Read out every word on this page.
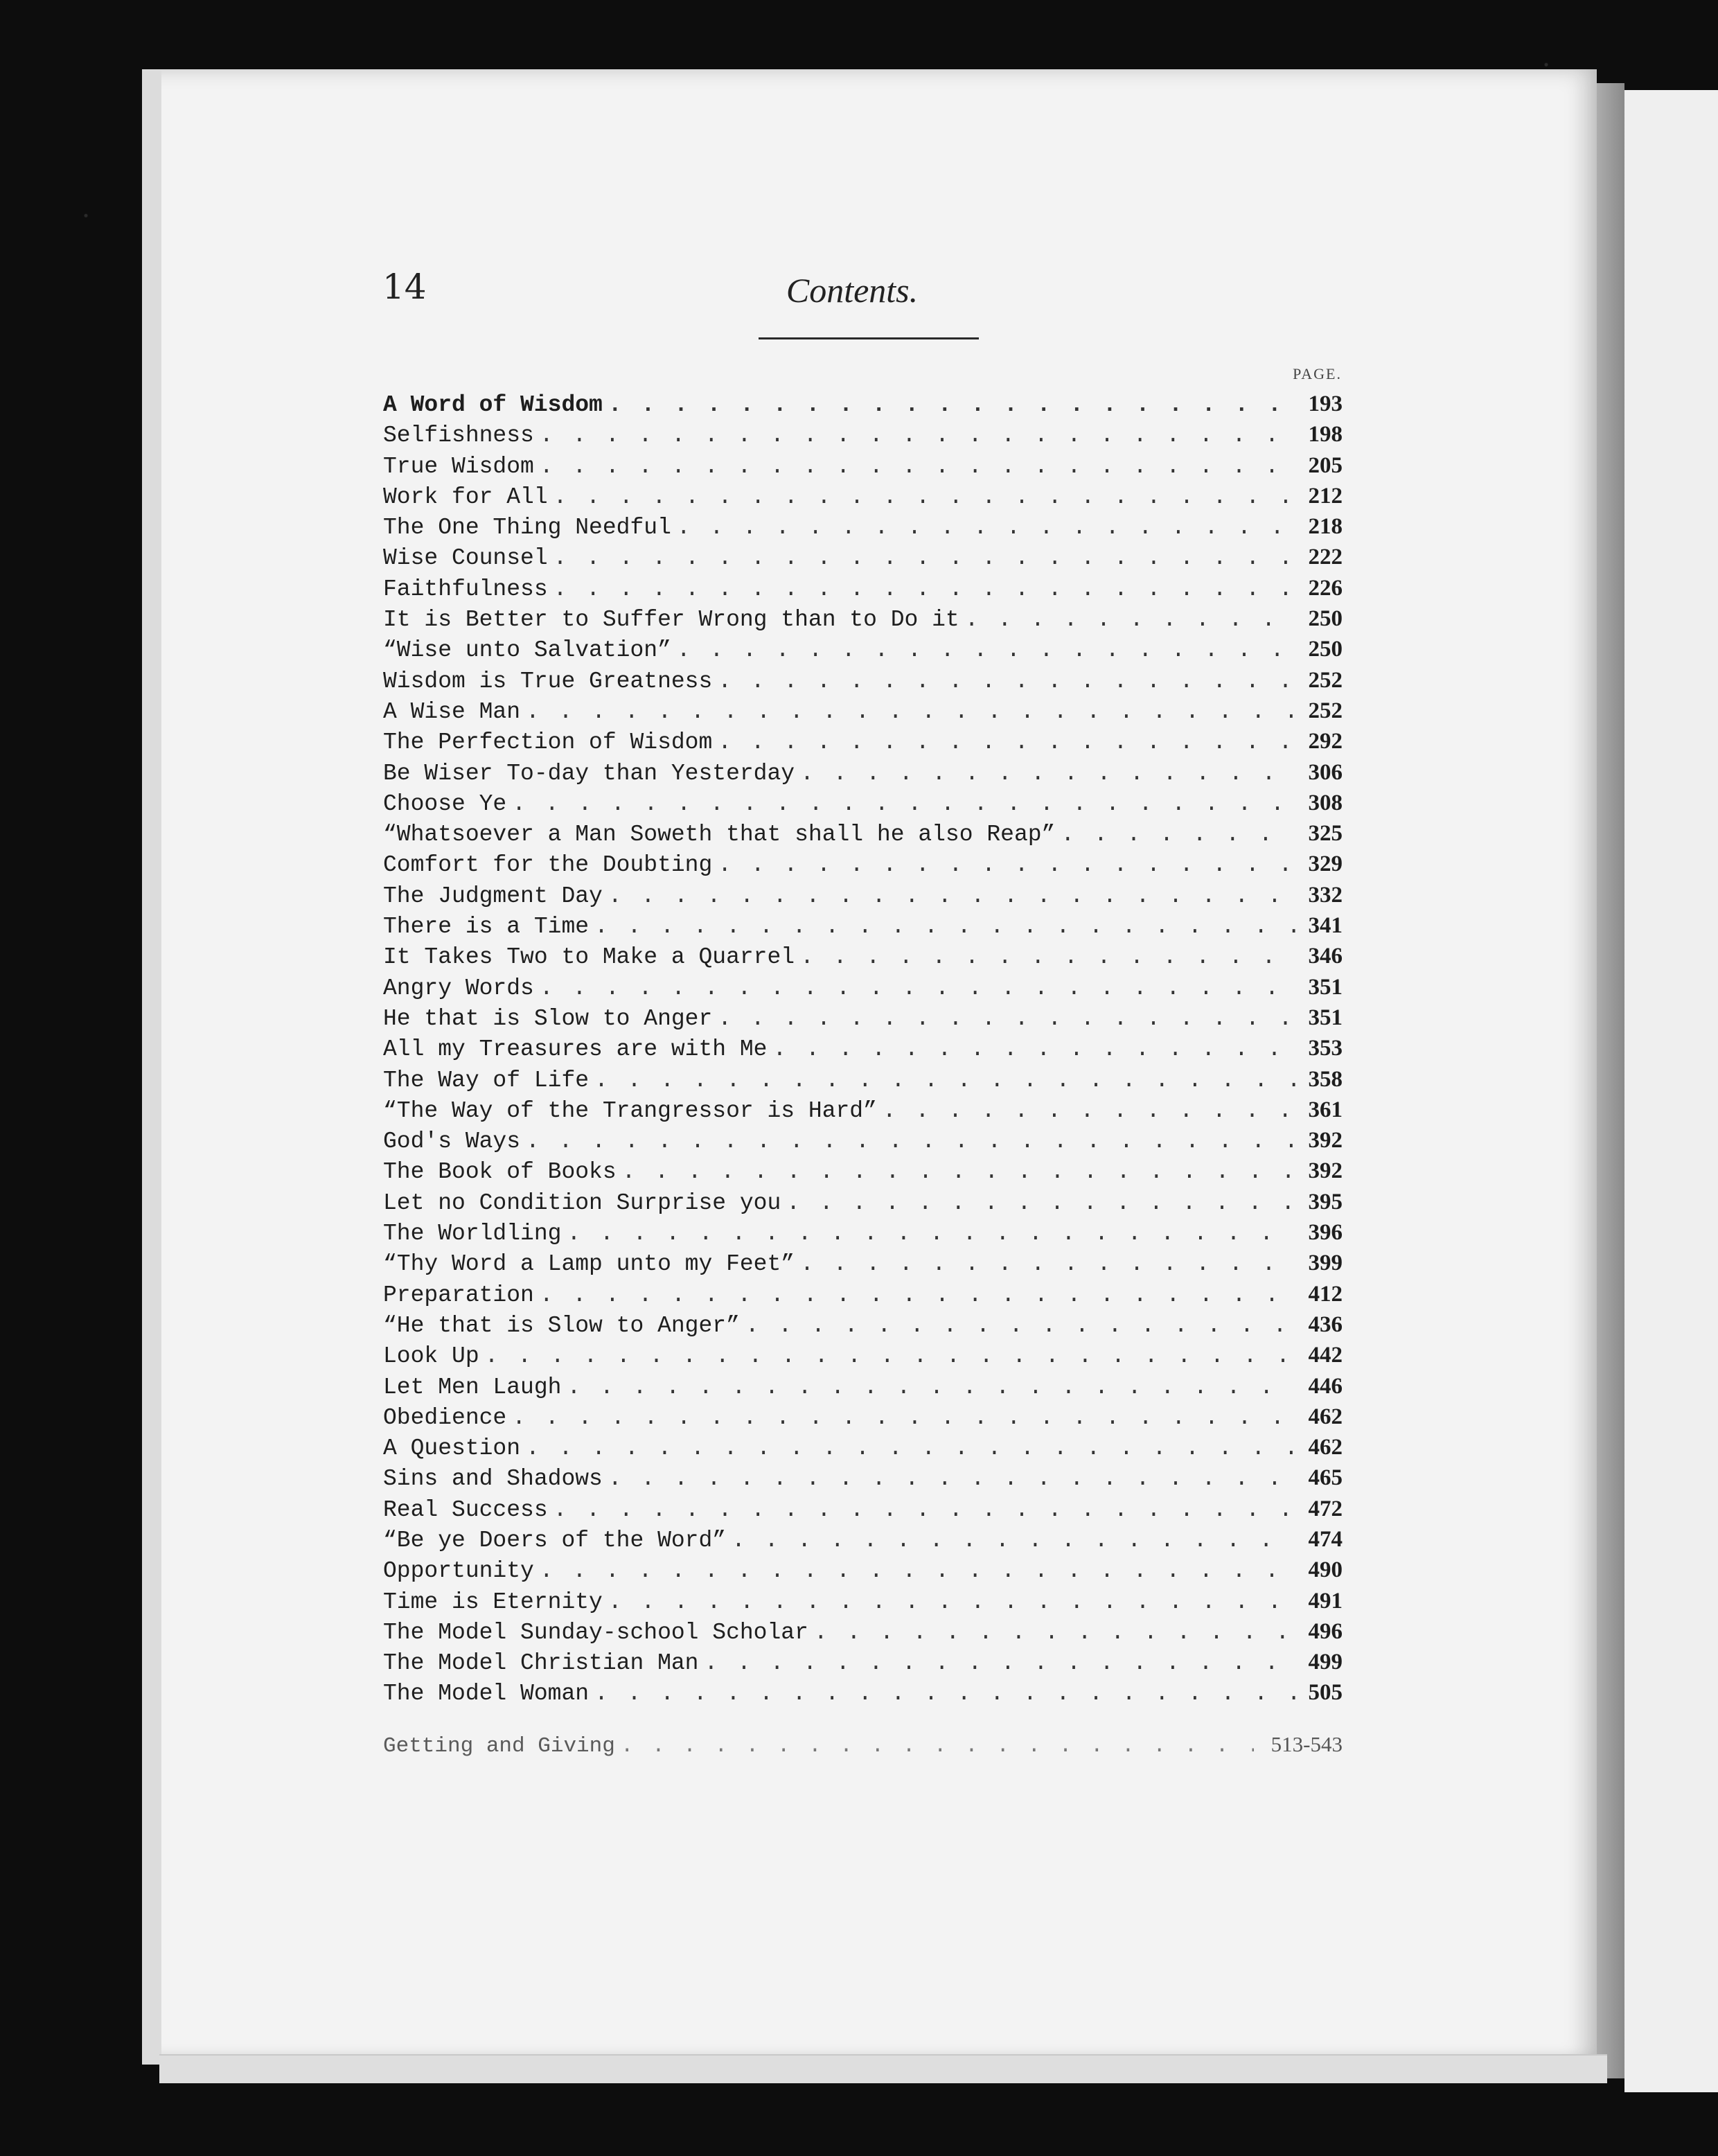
14	Contents.
PAGE.
A Word of Wisdom . . .	193
Selfishness . . .	198
True Wisdom . . .	205
Work for All . . .	212
The One Thing Needful . . .	218
Wise Counsel . . .	222
Faithfulness . . .	226
It is Better to Suffer Wrong than to Do it . . .	250
“Wise unto Salvation” . . .	250
Wisdom is True Greatness . . .	252
A Wise Man . . .	252
The Perfection of Wisdom . . .	292
Be Wiser To-day than Yesterday . . .	306
Choose Ye . . .	308
“Whatsoever a Man Soweth that shall he also Reap” . . .	325
Comfort for the Doubting . . .	329
The Judgment Day . . .	332
There is a Time . . .	341
It Takes Two to Make a Quarrel . . .	346
Angry Words . . .	351
He that is Slow to Anger . . .	351
All my Treasures are with Me . . .	353
The Way of Life . . .	358
“The Way of the Trangressor is Hard” . . .	361
God's Ways . . .	392
The Book of Books . . .	392
Let no Condition Surprise you . . .	395
The Worldling . . .	396
“Thy Word a Lamp unto my Feet” . . .	399
Preparation . . .	412
“He that is Slow to Anger” . . .	436
Look Up . . .	442
Let Men Laugh . . .	446
Obedience . . .	462
A Question . . .	462
Sins and Shadows . . .	465
Real Success . . .	472
“Be ye Doers of the Word” . . .	474
Opportunity . . .	490
Time is Eternity . . .	491
The Model Sunday-school Scholar . . .	496
The Model Christian Man . . .	499
The Model Woman . . .	505
Getting and Giving . . .	513-543
